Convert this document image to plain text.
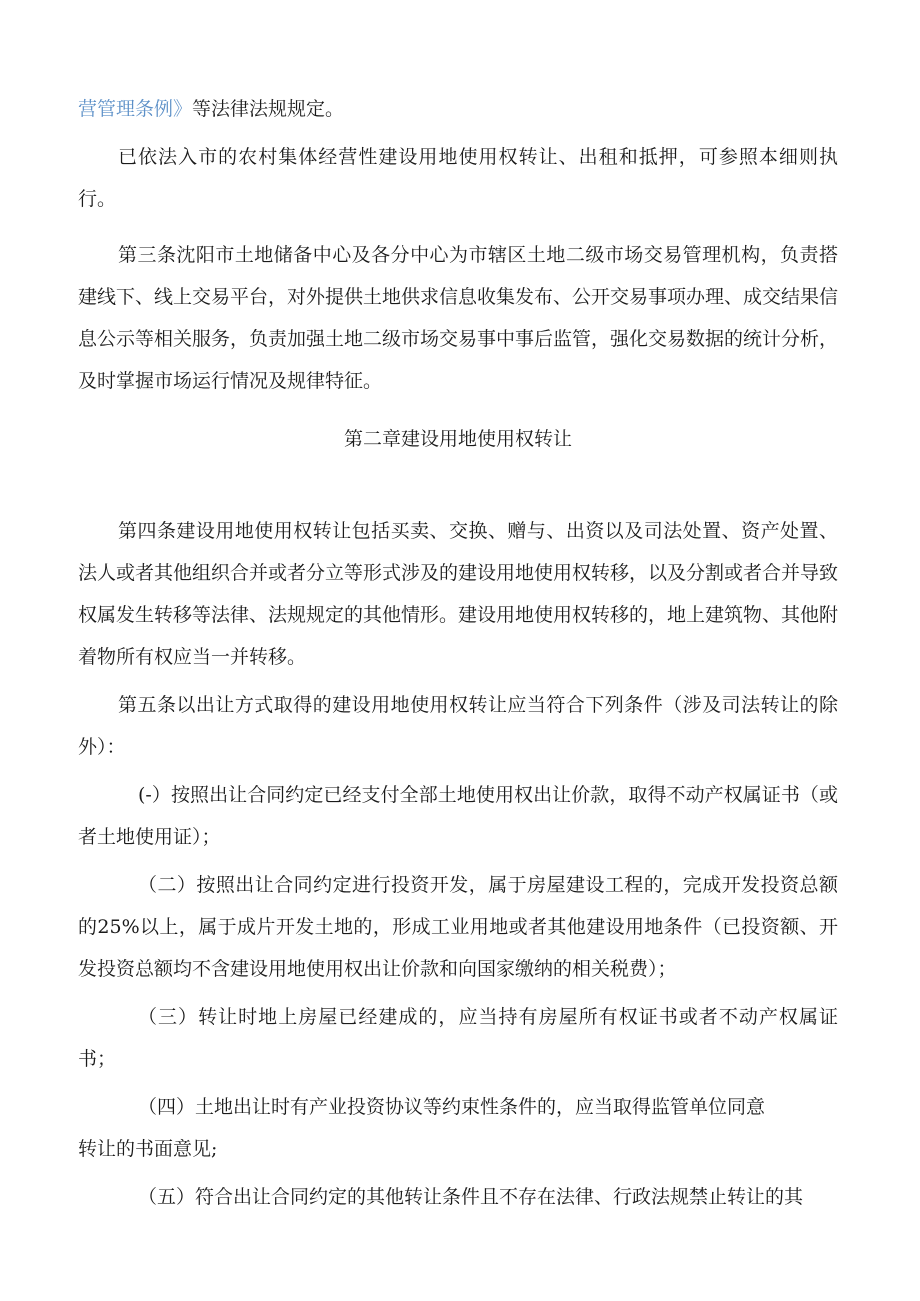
营管理条例》等法律法规规定。

已依法入市的农村集体经营性建设用地使用权转让、出租和抵押，可参照本细则执行。

第三条沈阳市土地储备中心及各分中心为市辖区土地二级市场交易管理机构，负责搭建线下、线上交易平台，对外提供土地供求信息收集发布、公开交易事项办理、成交结果信息公示等相关服务，负责加强土地二级市场交易事中事后监管，强化交易数据的统计分析，及时掌握市场运行情况及规律特征。

第二章建设用地使用权转让

第四条建设用地使用权转让包括买卖、交换、赠与、出资以及司法处置、资产处置、法人或者其他组织合并或者分立等形式涉及的建设用地使用权转移，以及分割或者合并导致权属发生转移等法律、法规规定的其他情形。建设用地使用权转移的，地上建筑物、其他附着物所有权应当一并转移。

第五条以出让方式取得的建设用地使用权转让应当符合下列条件（涉及司法转让的除外）：

(-）按照出让合同约定已经支付全部土地使用权出让价款，取得不动产权属证书（或者土地使用证）；

（二）按照出让合同约定进行投资开发，属于房屋建设工程的，完成开发投资总额的25%以上，属于成片开发土地的，形成工业用地或者其他建设用地条件（已投资额、开发投资总额均不含建设用地使用权出让价款和向国家缴纳的相关税费）；

（三）转让时地上房屋已经建成的，应当持有房屋所有权证书或者不动产权属证书；

（四）土地出让时有产业投资协议等约束性条件的，应当取得监管单位同意

转让的书面意见;

（五）符合出让合同约定的其他转让条件且不存在法律、行政法规禁止转让的其
